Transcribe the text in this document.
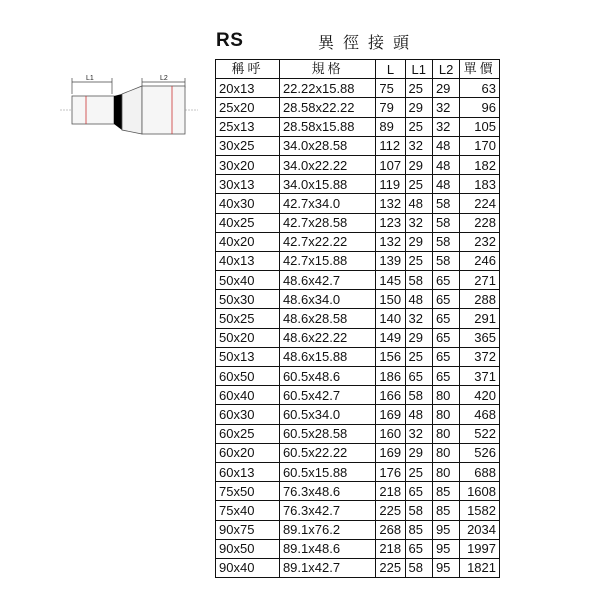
RS	異徑接頭
L1	L2
稱呼	規格	L	L1	L2	單價
20x13	22.22x15.88	75	25	29	63
25x20	28.58x22.22	79	29	32	96
25x13	28.58x15.88	89	25	32	105
30x25	34.0x28.58	112	32	48	170
30x20	34.0x22.22	107	29	48	182
30x13	34.0x15.88	119	25	48	183
40x30	42.7x34.0	132	48	58	224
40x25	42.7x28.58	123	32	58	228
40x20	42.7x22.22	132	29	58	232
40x13	42.7x15.88	139	25	58	246
50x40	48.6x42.7	145	58	65	271
50x30	48.6x34.0	150	48	65	288
50x25	48.6x28.58	140	32	65	291
50x20	48.6x22.22	149	29	65	365
50x13	48.6x15.88	156	25	65	372
60x50	60.5x48.6	186	65	65	371
60x40	60.5x42.7	166	58	80	420
60x30	60.5x34.0	169	48	80	468
60x25	60.5x28.58	160	32	80	522
60x20	60.5x22.22	169	29	80	526
60x13	60.5x15.88	176	25	80	688
75x50	76.3x48.6	218	65	85	1608
75x40	76.3x42.7	225	58	85	1582
90x75	89.1x76.2	268	85	95	2034
90x50	89.1x48.6	218	65	95	1997
90x40	89.1x42.7	225	58	95	1821
